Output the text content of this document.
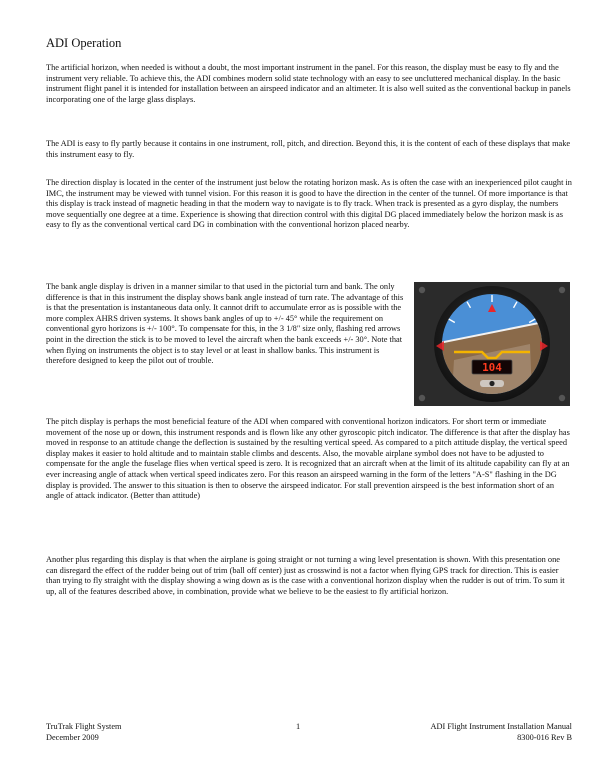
ADI Operation

The artificial horizon, when needed is without a doubt, the most important instrument in the panel. For this reason, the display must be easy to fly and the instrument very reliable. To achieve this, the ADI combines modern solid state technology with an easy to see uncluttered mechanical display. In the basic instrument flight panel it is intended for installation between an airspeed indicator and an altimeter. It is also well suited as the conventional backup in panels incorporating one of the large glass displays.

The ADI is easy to fly partly because it contains in one instrument, roll, pitch, and direction. Beyond this, it is the content of each of these displays that make this instrument easy to fly.

The direction display is located in the center of the instrument just below the rotating horizon mask. As is often the case with an inexperienced pilot caught in IMC, the instrument may be viewed with tunnel vision. For this reason it is good to have the direction in the center of the tunnel. Of more importance is that this display is track instead of magnetic heading in that the modern way to navigate is to fly track. When track is presented as a gyro display, the numbers move sequentially one degree at a time. Experience is showing that direction control with this digital DG placed immediately below the horizon mask is as easy to fly as the conventional vertical card DG in combination with the conventional horizon placed nearby.

The bank angle display is driven in a manner similar to that used in the pictorial turn and bank. The only difference is that in this instrument the display shows bank angle instead of turn rate. The advantage of this is that the presentation is instantaneous data only. It cannot drift to accumulate error as is possible with the more complex AHRS driven systems. It shows bank angles of up to +/- 45° while the requirement on conventional gyro horizons is +/- 100°. To compensate for this, in the 3 1/8" size only, flashing red arrows point in the direction the stick is to be moved to level the aircraft when the bank exceeds +/- 30°. Note that when flying on instruments the object is to stay level or at least in shallow banks. This instrument is therefore designed to keep the pilot out of trouble.

104

The pitch display is perhaps the most beneficial feature of the ADI when compared with conventional horizon indicators. For short term or immediate movement of the nose up or down, this instrument responds and is flown like any other gyroscopic pitch indicator. The difference is that after the display has moved in response to an attitude change the deflection is sustained by the resulting vertical speed. As compared to a pitch attitude display, the vertical speed display makes it easier to hold altitude and to maintain stable climbs and descents. Also, the movable airplane symbol does not have to be adjusted to compensate for the angle the fuselage flies when vertical speed is zero. It is recognized that an aircraft when at the limit of its altitude capability can fly at an ever increasing angle of attack when vertical speed indicates zero. For this reason an airspeed warning in the form of the letters "A-S" flashing in the DG display is provided. The answer to this situation is then to observe the airspeed indicator. For stall prevention airspeed is the best information short of an angle of attack indicator. (Better than attitude)

Another plus regarding this display is that when the airplane is going straight or not turning a wing level presentation is shown. With this presentation one can disregard the effect of the rudder being out of trim (ball off center) just as crosswind is not a factor when flying GPS track for direction. This is easier than trying to fly straight with the display showing a wing down as is the case with a conventional horizon display when the rudder is out of trim. To sum it up, all of the features described above, in combination, provide what we believe to be the easiest to fly artificial horizon.

TruTrak Flight System
December 2009
1	ADI Flight Instrument Installation Manual
8300-016 Rev B
